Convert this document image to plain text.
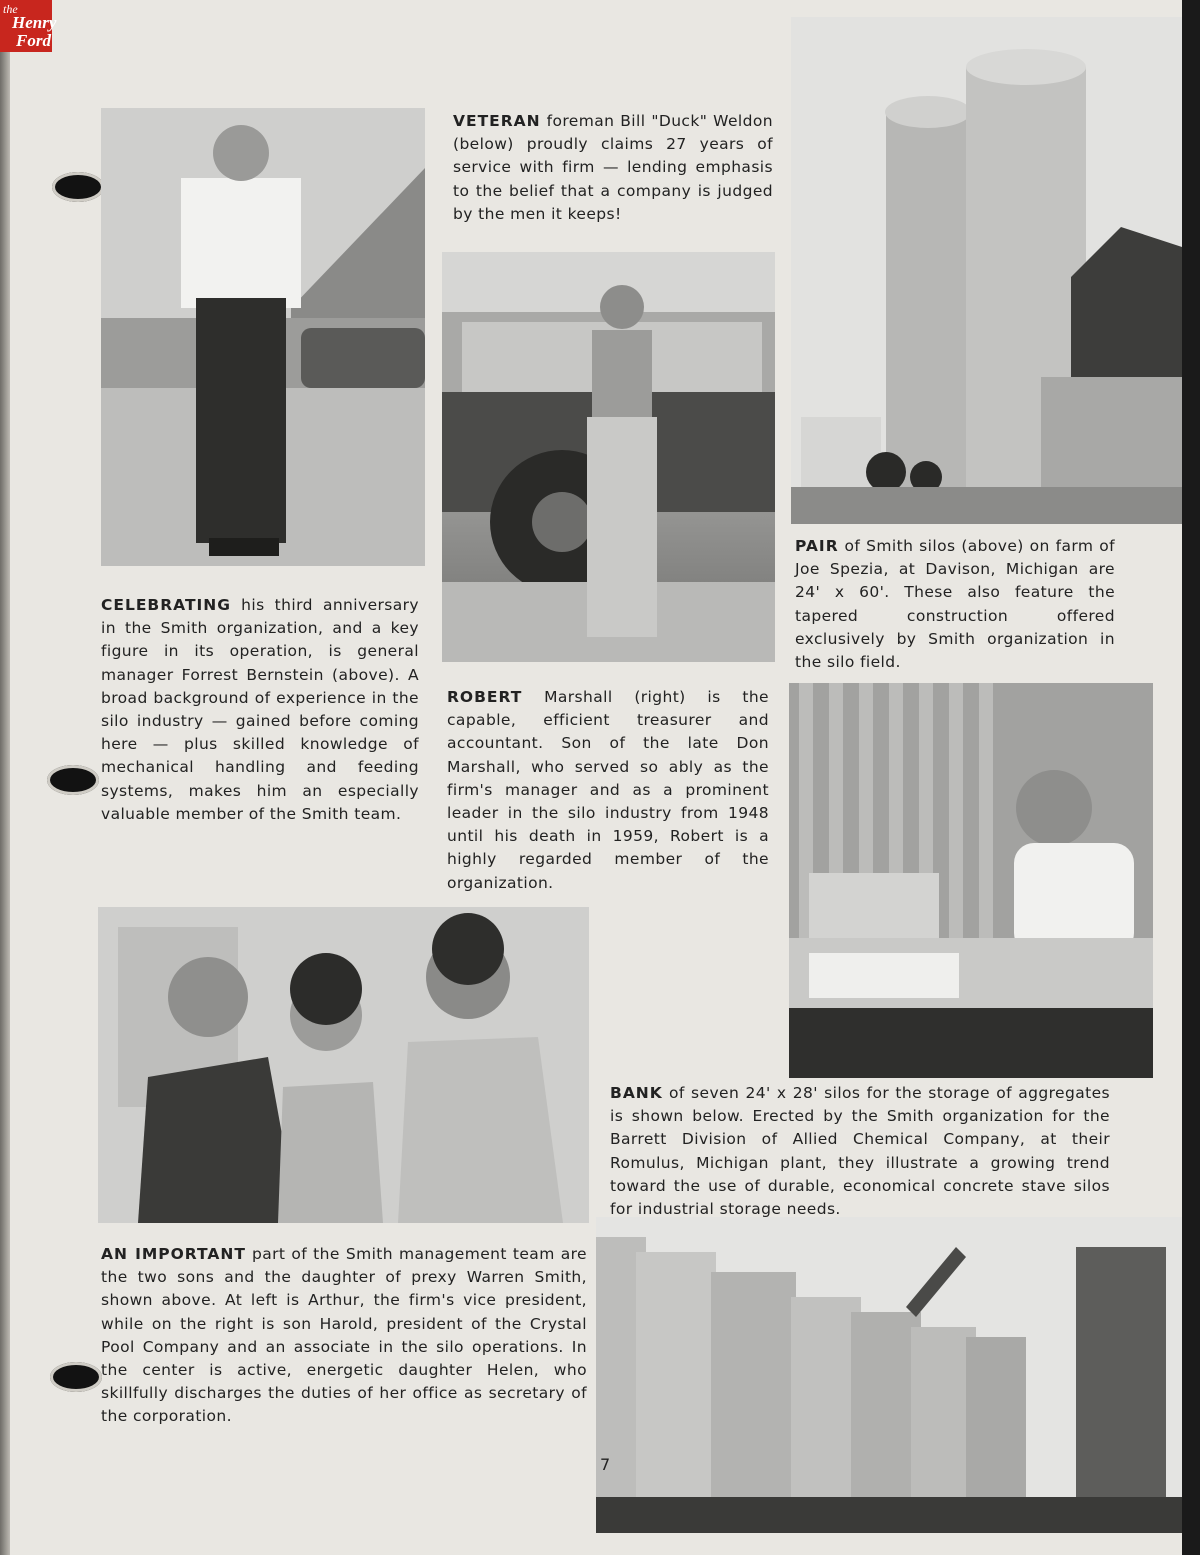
the
Henry
Ford
VETERAN foreman Bill "Duck" Weldon (below) proudly claims 27 years of service with firm — lending emphasis to the belief that a company is judged by the men it keeps!
CELEBRATING his third anniversary in the Smith organization, and a key figure in its operation, is general manager Forrest Bernstein (above). A broad background of experience in the silo industry — gained before coming here — plus skilled knowledge of mechanical handling and feeding systems, makes him an especially valuable member of the Smith team.
PAIR of Smith silos (above) on farm of Joe Spezia, at Davison, Michigan are 24' x 60'. These also feature the tapered construction offered exclusively by Smith organization in the silo field.
ROBERT Marshall (right) is the capable, efficient treasurer and accountant. Son of the late Don Marshall, who served so ably as the firm's manager and as a prominent leader in the silo industry from 1948 until his death in 1959, Robert is a highly regarded member of the organization.
BANK of seven 24' x 28' silos for the storage of aggregates is shown below. Erected by the Smith organization for the Barrett Division of Allied Chemical Company, at their Romulus, Michigan plant, they illustrate a growing trend toward the use of durable, economical concrete stave silos for industrial storage needs.
AN IMPORTANT part of the Smith management team are the two sons and the daughter of prexy Warren Smith, shown above. At left is Arthur, the firm's vice president, while on the right is son Harold, president of the Crystal Pool Company and an associate in the silo operations. In the center is active, energetic daughter Helen, who skillfully discharges the duties of her office as secretary of the corporation.
7
